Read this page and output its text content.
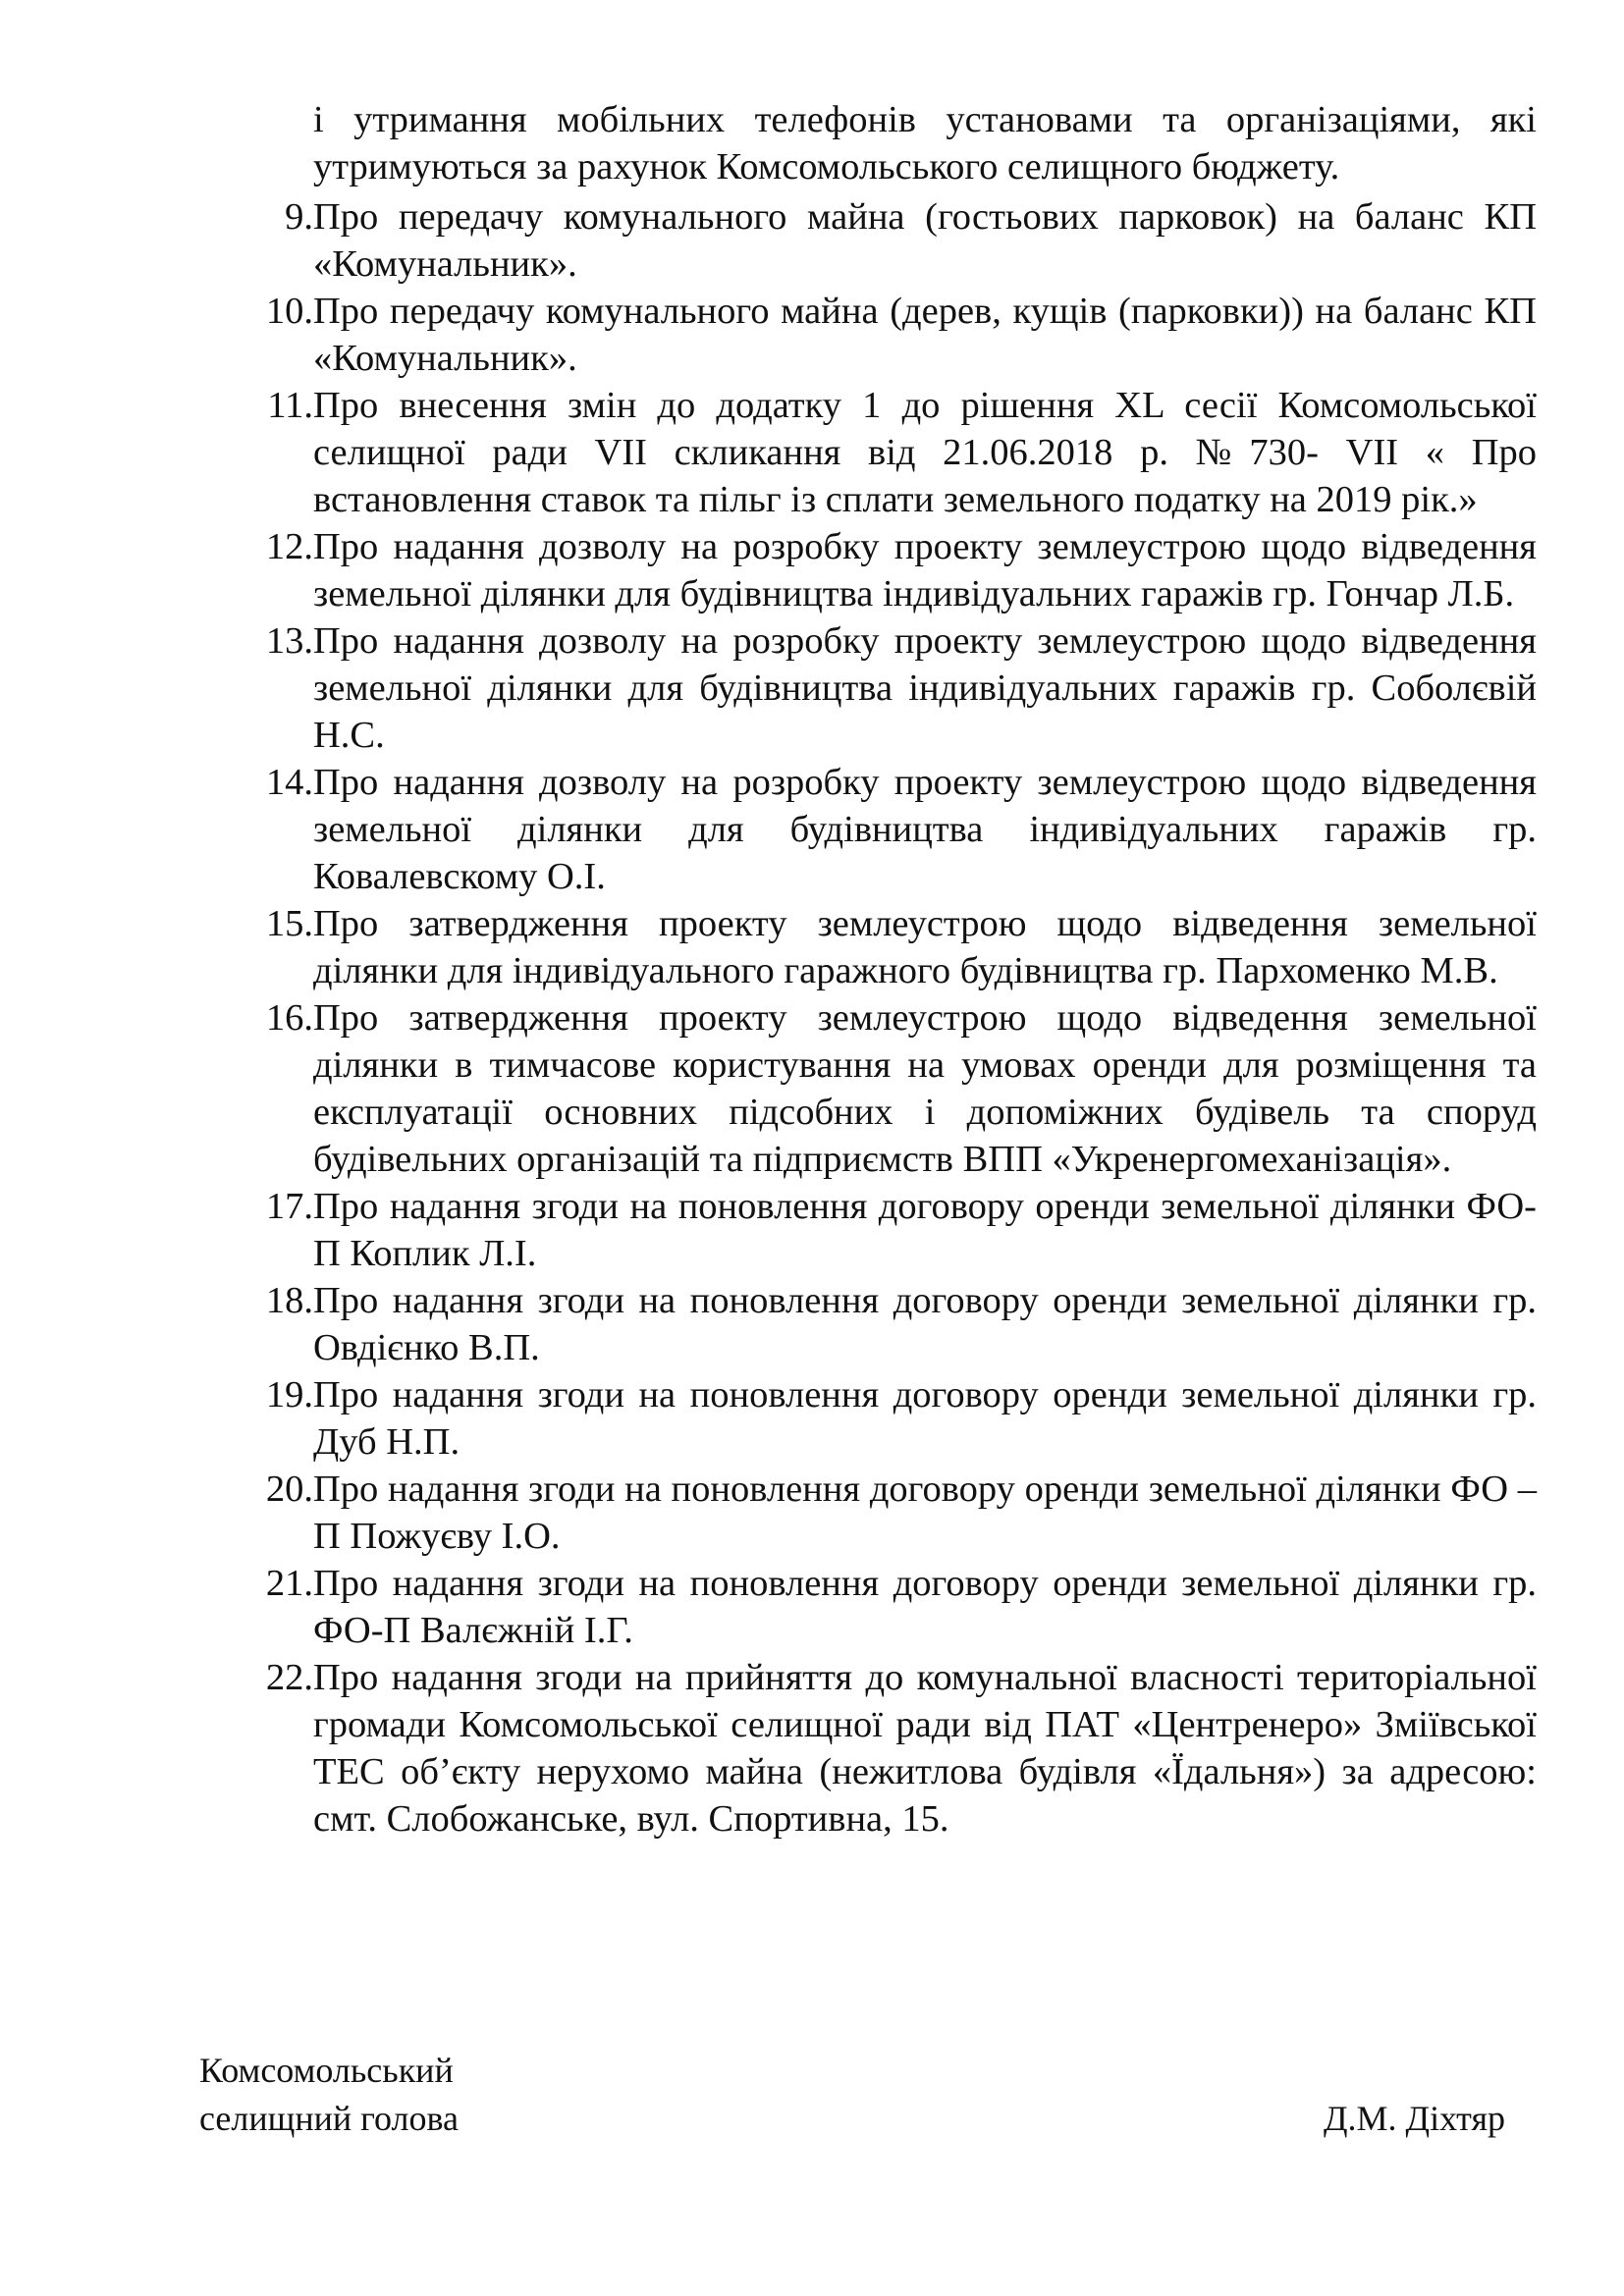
і утримання мобільних телефонів установами та організаціями, які утримуються за рахунок Комсомольського селищного бюджету.
9. Про передачу комунального майна (гостьових парковок) на баланс КП «Комунальник».
10. Про передачу комунального майна (дерев, кущів (парковки)) на баланс КП «Комунальник».
11. Про внесення змін до додатку 1 до рішення XL сесії Комсомольської селищної ради VII скликання від 21.06.2018 р. №730- VII « Про встановлення ставок та пільг із сплати земельного податку на 2019 рік.»
12. Про надання дозволу на розробку проекту землеустрою щодо відведення земельної ділянки для будівництва індивідуальних гаражів гр. Гончар Л.Б.
13. Про надання дозволу на розробку проекту землеустрою щодо відведення земельної ділянки для будівництва індивідуальних гаражів гр. Соболєвій Н.С.
14. Про надання дозволу на розробку проекту землеустрою щодо відведення земельної ділянки для будівництва індивідуальних гаражів гр. Ковалевскому О.І.
15. Про затвердження проекту землеустрою щодо відведення земельної ділянки для індивідуального гаражного будівництва гр. Пархоменко М.В.
16. Про затвердження проекту землеустрою щодо відведення земельної ділянки в тимчасове користування на умовах оренди для розміщення та експлуатації основних підсобних і допоміжних будівель та споруд будівельних організацій та підприємств ВПП «Укренергомеханізація».
17. Про надання згоди на поновлення договору оренди земельної ділянки ФО-П Коплик Л.І.
18. Про надання згоди на поновлення договору оренди земельної ділянки гр. Овдієнко В.П.
19. Про надання згоди на поновлення договору оренди земельної ділянки гр. Дуб Н.П.
20. Про надання згоди на поновлення договору оренди земельної ділянки ФО –П Пожуєву І.О.
21. Про надання згоди на поновлення договору оренди земельної ділянки гр. ФО-П Валєжній І.Г.
22. Про надання згоди на прийняття до комунальної власності територіальної громади Комсомольської селищної ради від ПАТ «Центренеро» Зміївської ТЕС об’єкту нерухомо майна (нежитлова будівля «Їдальня») за адресою: смт. Слобожанське, вул. Спортивна, 15.
Комсомольський
селищний голова	Д.М. Діхтяр
